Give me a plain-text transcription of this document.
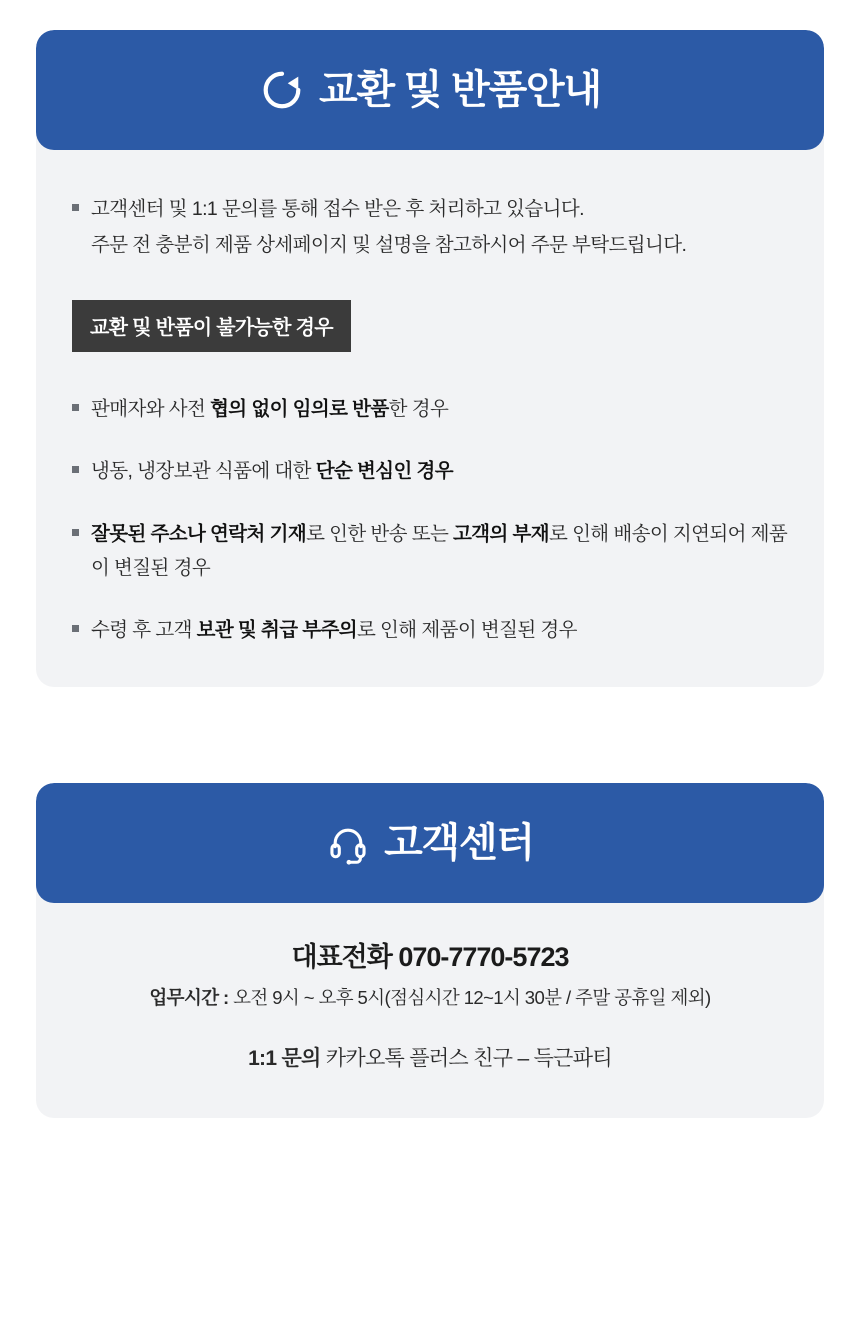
교환 및 반품안내
고객센터 및 1:1 문의를 통해 접수 받은 후 처리하고 있습니다.
주문 전 충분히 제품 상세페이지 및 설명을 참고하시어 주문 부탁드립니다.
교환 및 반품이 불가능한 경우
판매자와 사전 협의 없이 임의로 반품한 경우
냉동, 냉장보관 식품에 대한 단순 변심인 경우
잘못된 주소나 연락처 기재로 인한 반송 또는 고객의 부재로 인해 배송이 지연되어 제품이 변질된 경우
수령 후 고객 보관 및 취급 부주의로 인해 제품이 변질된 경우
고객센터
대표전화 070-7770-5723
업무시간 : 오전 9시 ~ 오후 5시(점심시간 12~1시 30분 / 주말 공휴일 제외)
1:1 문의 카카오톡 플러스 친구 – 득근파티
